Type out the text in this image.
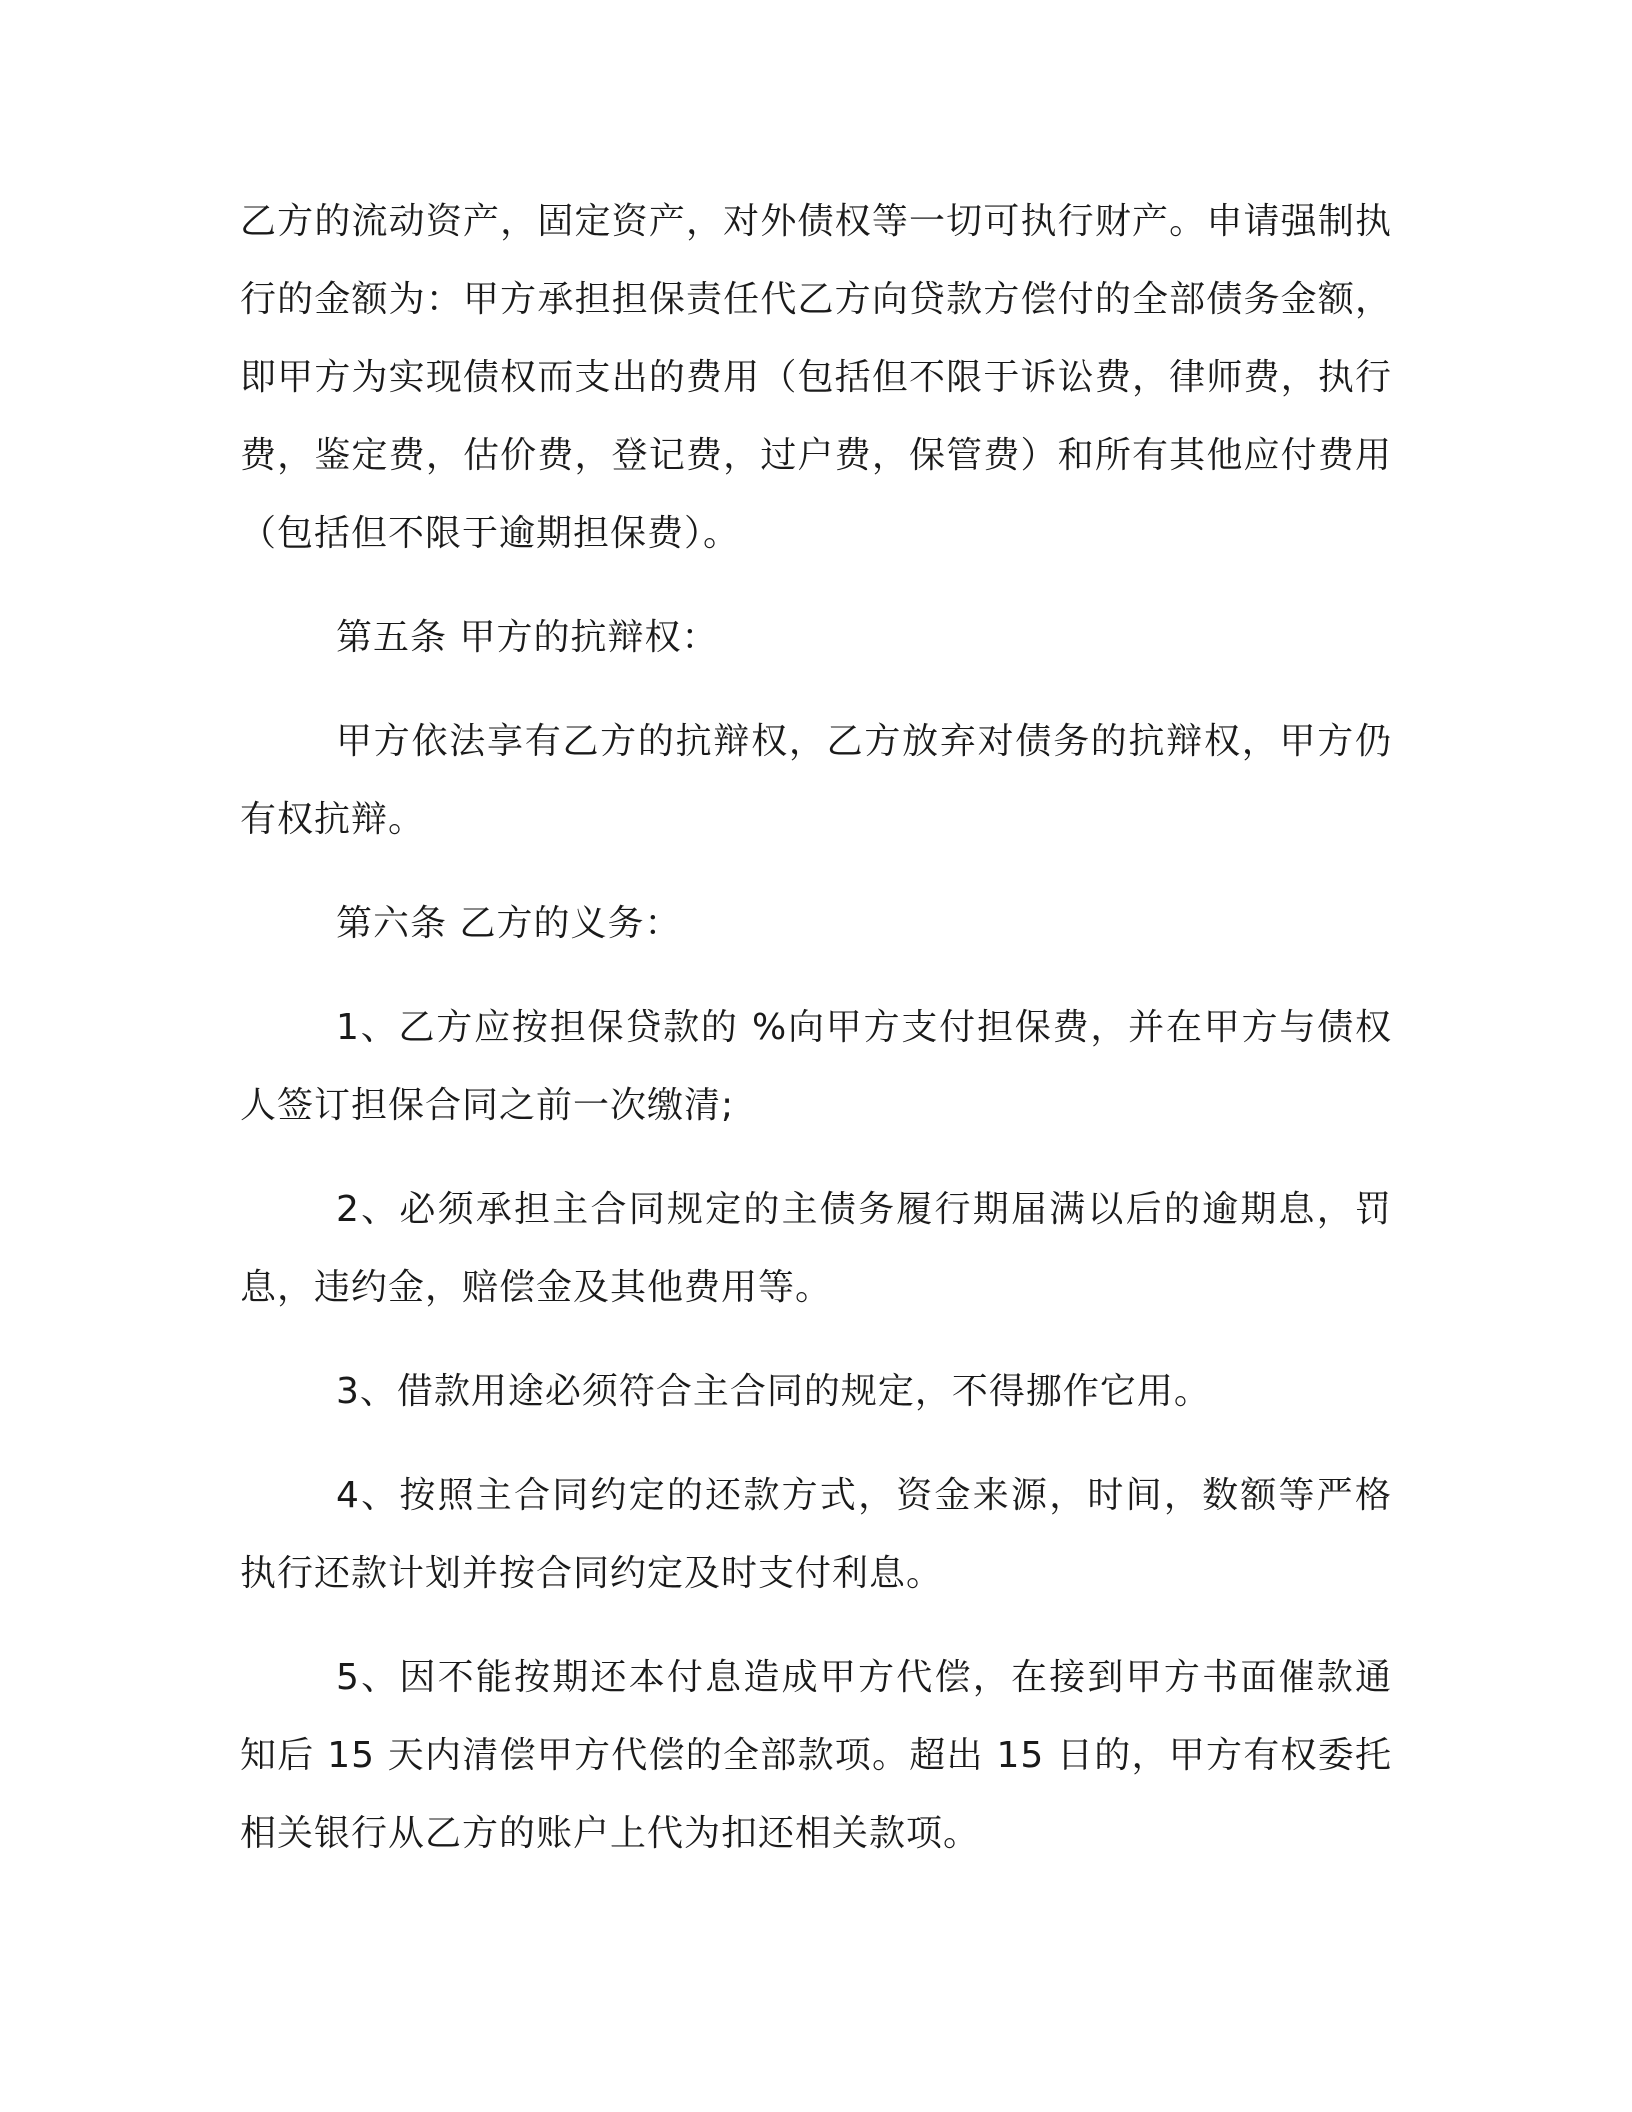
乙方的流动资产，固定资产，对外债权等一切可执行财产。申请强制执行的金额为：甲方承担担保责任代乙方向贷款方偿付的全部债务金额，即甲方为实现债权而支出的费用（包括但不限于诉讼费，律师费，执行费，鉴定费，估价费，登记费，过户费，保管费）和所有其他应付费用（包括但不限于逾期担保费）。

第五条 甲方的抗辩权：

甲方依法享有乙方的抗辩权，乙方放弃对债务的抗辩权，甲方仍有权抗辩。

第六条 乙方的义务：

1、乙方应按担保贷款的 %向甲方支付担保费，并在甲方与债权人签订担保合同之前一次缴清;

2、必须承担主合同规定的主债务履行期届满以后的逾期息，罚息，违约金，赔偿金及其他费用等。

3、借款用途必须符合主合同的规定，不得挪作它用。

4、按照主合同约定的还款方式，资金来源，时间，数额等严格执行还款计划并按合同约定及时支付利息。

5、因不能按期还本付息造成甲方代偿，在接到甲方书面催款通知后 15 天内清偿甲方代偿的全部款项。超出 15 日的，甲方有权委托相关银行从乙方的账户上代为扣还相关款项。
